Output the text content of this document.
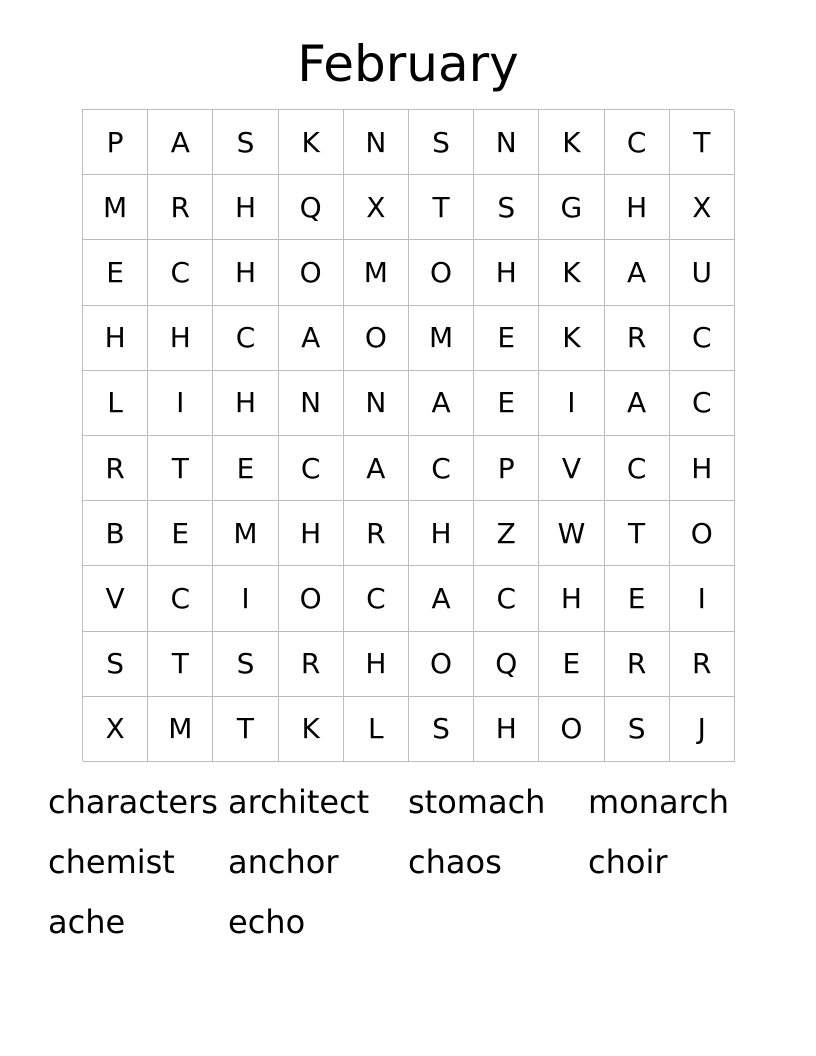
February
P	A	S	K	N	S	N	K	C	T
M	R	H	Q	X	T	S	G	H	X
E	C	H	O	M	O	H	K	A	U
H	H	C	A	O	M	E	K	R	C
L	I	H	N	N	A	E	I	A	C
R	T	E	C	A	C	P	V	C	H
B	E	M	H	R	H	Z	W	T	O
V	C	I	O	C	A	C	H	E	I
S	T	S	R	H	O	Q	E	R	R
X	M	T	K	L	S	H	O	S	J
characters architect	stomach	monarch
chemist	anchor	chaos	choir
ache	echo
